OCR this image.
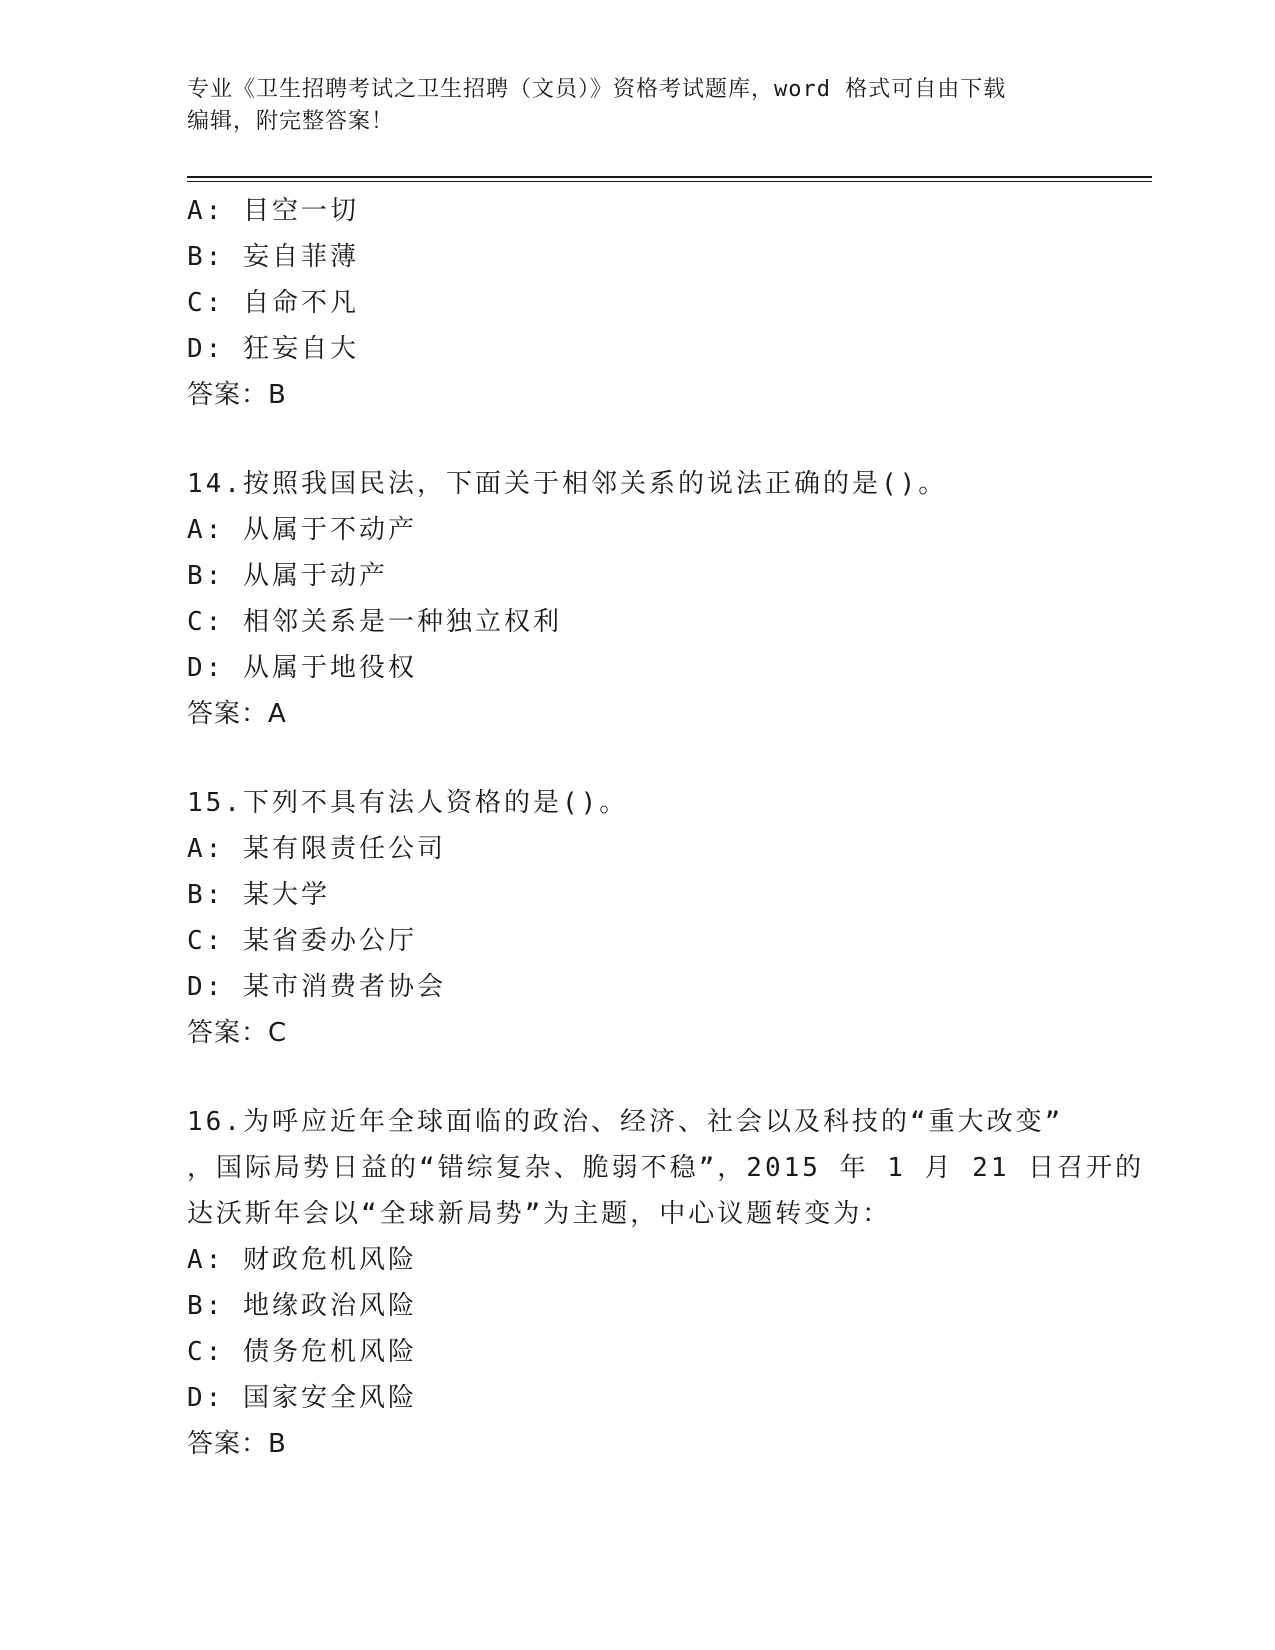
专业《卫生招聘考试之卫生招聘（文员）》资格考试题库，word 格式可自由下载
编辑，附完整答案！
A: 目空一切
B: 妄自菲薄
C: 自命不凡
D: 狂妄自大
答案：B
14.按照我国民法，下面关于相邻关系的说法正确的是()。
A: 从属于不动产
B: 从属于动产
C: 相邻关系是一种独立权利
D: 从属于地役权
答案：A
15.下列不具有法人资格的是()。
A: 某有限责任公司
B: 某大学
C: 某省委办公厅
D: 某市消费者协会
答案：C
16.为呼应近年全球面临的政治、经济、社会以及科技的“重大改变”
，国际局势日益的“错综复杂、脆弱不稳”，2015 年 1 月 21 日召开的
达沃斯年会以“全球新局势”为主题，中心议题转变为：
A: 财政危机风险
B: 地缘政治风险
C: 债务危机风险
D: 国家安全风险
答案：B
